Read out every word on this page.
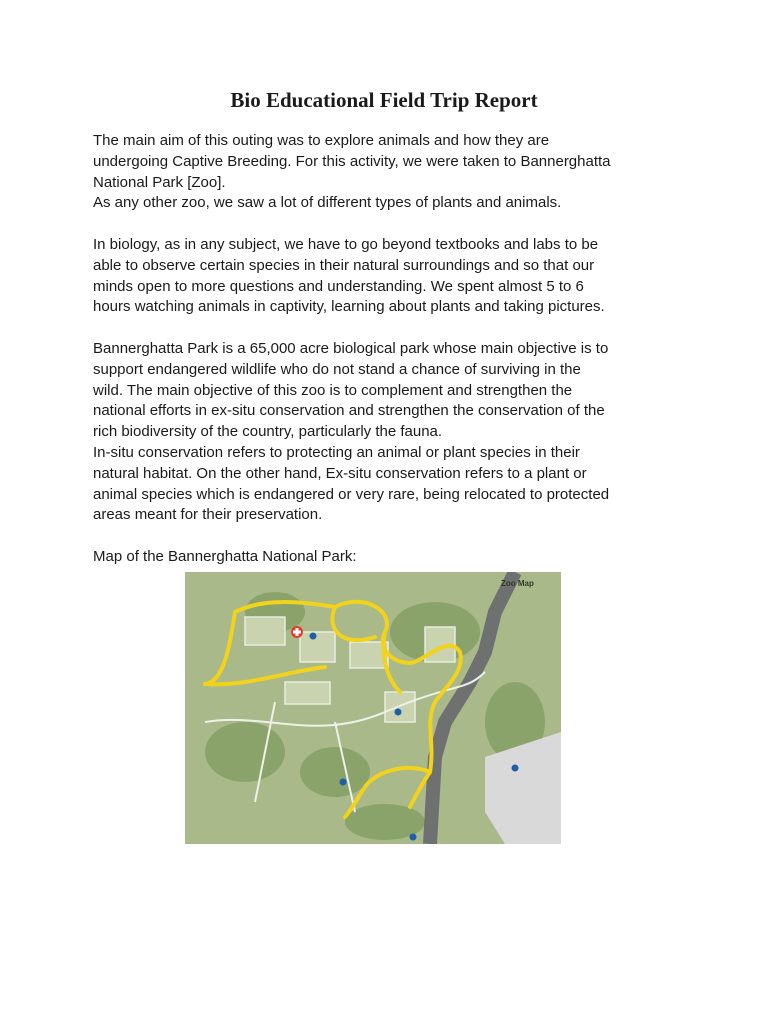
Bio Educational Field Trip Report

The main aim of this outing was to explore animals and how they are

undergoing Captive Breeding. For this activity, we were taken to Bannerghatta

National Park [Zoo].

As any other zoo, we saw a lot of different types of plants and animals.

In biology, as in any subject, we have to go beyond textbooks and labs to be

able to observe certain species in their natural surroundings and so that our

minds open to more questions and understanding. We spent almost 5 to 6

hours watching animals in captivity, learning about plants and taking pictures.

Bannerghatta Park is a 65,000 acre biological park whose main objective is to

support endangered wildlife who do not stand a chance of surviving in the

wild. The main objective of this zoo is to complement and strengthen the

national efforts in ex-situ conservation and strengthen the conservation of the

rich biodiversity of the country, particularly the fauna.

In-situ conservation refers to protecting an animal or plant species in their

natural habitat. On the other hand, Ex-situ conservation refers to a plant or

animal species which is endangered or very rare, being relocated to protected

areas meant for their preservation.

Map of the Bannerghatta National Park:

Zoo Map
